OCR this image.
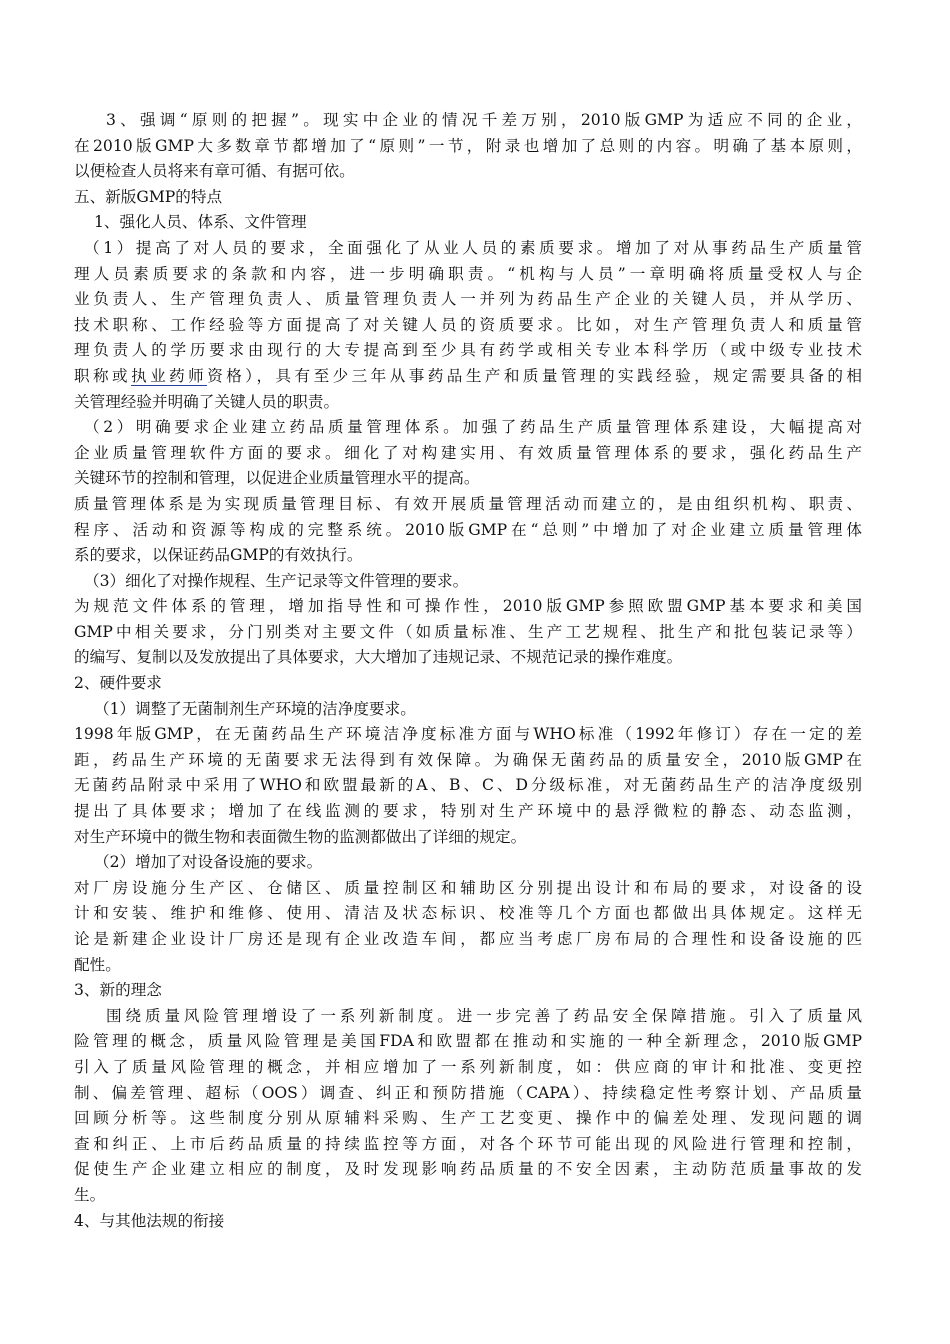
3、强调“原则的把握”。现实中企业的情况千差万别，2010版GMP为适应不同的企业，
在2010版GMP大多数章节都增加了“原则”一节，附录也增加了总则的内容。明确了基本原则，
以便检查人员将来有章可循、有据可依。
五、新版GMP的特点
1、强化人员、体系、文件管理
（1）提高了对人员的要求，全面强化了从业人员的素质要求。增加了对从事药品生产质量管
理人员素质要求的条款和内容，进一步明确职责。“机构与人员”一章明确将质量受权人与企
业负责人、生产管理负责人、质量管理负责人一并列为药品生产企业的关键人员，并从学历、
技术职称、工作经验等方面提高了对关键人员的资质要求。比如，对生产管理负责人和质量管
理负责人的学历要求由现行的大专提高到至少具有药学或相关专业本科学历（或中级专业技术
职称或执业药师资格），具有至少三年从事药品生产和质量管理的实践经验，规定需要具备的相
关管理经验并明确了关键人员的职责。
（2）明确要求企业建立药品质量管理体系。加强了药品生产质量管理体系建设，大幅提高对
企业质量管理软件方面的要求。细化了对构建实用、有效质量管理体系的要求，强化药品生产
关键环节的控制和管理，以促进企业质量管理水平的提高。
质量管理体系是为实现质量管理目标、有效开展质量管理活动而建立的，是由组织机构、职责、
程序、活动和资源等构成的完整系统。2010版GMP在“总则”中增加了对企业建立质量管理体
系的要求，以保证药品GMP的有效执行。
（3）细化了对操作规程、生产记录等文件管理的要求。
为规范文件体系的管理，增加指导性和可操作性，2010版GMP参照欧盟GMP基本要求和美国
GMP中相关要求，分门别类对主要文件（如质量标准、生产工艺规程、批生产和批包装记录等）
的编写、复制以及发放提出了具体要求，大大增加了违规记录、不规范记录的操作难度。
2、硬件要求
（1）调整了无菌制剂生产环境的洁净度要求。
1998年版GMP，在无菌药品生产环境洁净度标准方面与WHO标准（1992年修订）存在一定的差
距，药品生产环境的无菌要求无法得到有效保障。为确保无菌药品的质量安全，2010版GMP在
无菌药品附录中采用了WHO和欧盟最新的A、B、C、D分级标准，对无菌药品生产的洁净度级别
提出了具体要求；增加了在线监测的要求，特别对生产环境中的悬浮微粒的静态、动态监测，
对生产环境中的微生物和表面微生物的监测都做出了详细的规定。
（2）增加了对设备设施的要求。
对厂房设施分生产区、仓储区、质量控制区和辅助区分别提出设计和布局的要求，对设备的设
计和安装、维护和维修、使用、清洁及状态标识、校准等几个方面也都做出具体规定。这样无
论是新建企业设计厂房还是现有企业改造车间，都应当考虑厂房布局的合理性和设备设施的匹
配性。
3、新的理念
围绕质量风险管理增设了一系列新制度。进一步完善了药品安全保障措施。引入了质量风
险管理的概念，质量风险管理是美国FDA和欧盟都在推动和实施的一种全新理念，2010版GMP
引入了质量风险管理的概念，并相应增加了一系列新制度，如：供应商的审计和批准、变更控
制、偏差管理、超标（OOS）调查、纠正和预防措施（CAPA）、持续稳定性考察计划、产品质量
回顾分析等。这些制度分别从原辅料采购、生产工艺变更、操作中的偏差处理、发现问题的调
查和纠正、上市后药品质量的持续监控等方面，对各个环节可能出现的风险进行管理和控制，
促使生产企业建立相应的制度，及时发现影响药品质量的不安全因素，主动防范质量事故的发
生。
4、与其他法规的衔接
